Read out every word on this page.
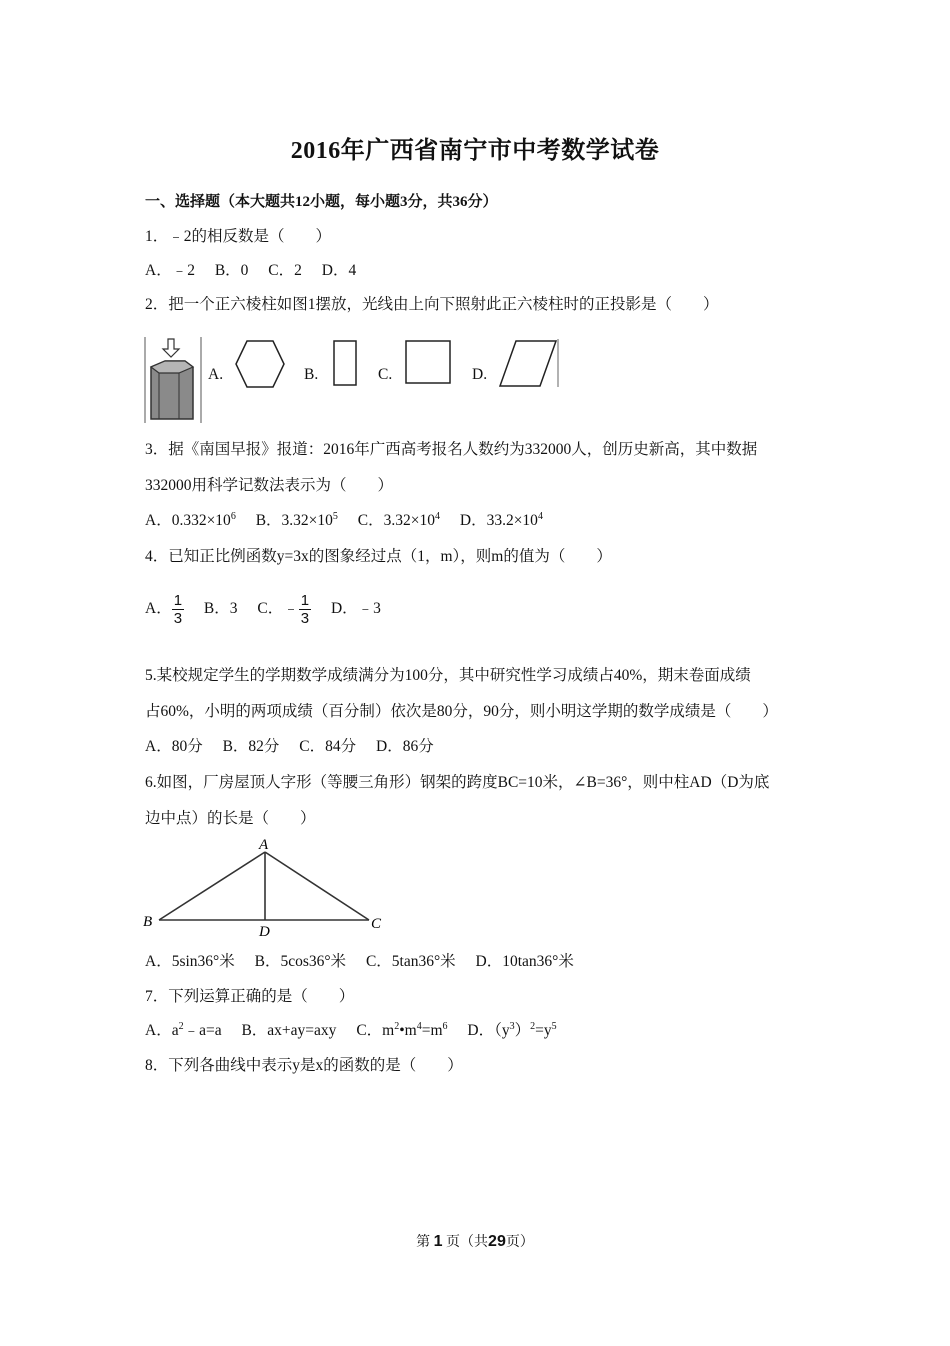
2016年广西省南宁市中考数学试卷
一、选择题（本大题共12小题，每小题3分，共36分）
1．﹣2的相反数是（　　）
A．﹣2 B．0 C．2 D．4
2．把一个正六棱柱如图1摆放，光线由上向下照射此正六棱柱时的正投影是（　　）
A.	B.	C.	D.
3．据《南国早报》报道：2016年广西高考报名人数约为332000人，创历史新高，其中数据
332000用科学记数法表示为（　　）
A．$0.332\times 10^6$ B．$3.32\times 10^5$ C．$3.32\times 10^4$ D．$33.2\times 10^4$
4．已知正比例函数y=3x的图象经过点（1，m），则m的值为（　　）
A． $\frac{1}{3}$ B．3 C．﹣ $\frac{1}{3}$ D．﹣3
5.某校规定学生的学期数学成绩满分为100分，其中研究性学习成绩占40%，期末卷面成绩
占60%，小明的两项成绩（百分制）依次是80分，90分，则小明这学期的数学成绩是（　　）
A．80分 B．82分 C．84分 D．86分
6.如图，厂房屋顶人字形（等腰三角形）钢架的跨度BC=10米，∠B=36°，则中柱AD（D为底
边中点）的长是（　　）
A
B	C
D
A．5sin36°米 B．5cos36°米 C．5tan36°米 D．10tan36°米
7．下列运算正确的是（　　）
A．$a^2﹣a=a$ B．ax+ay=axy C．$m^2•m^4=m^6$ D．$(y^3)^2=y^5$
8．下列各曲线中表示y是x的函数的是（　　）
第 1 页（共29页）
